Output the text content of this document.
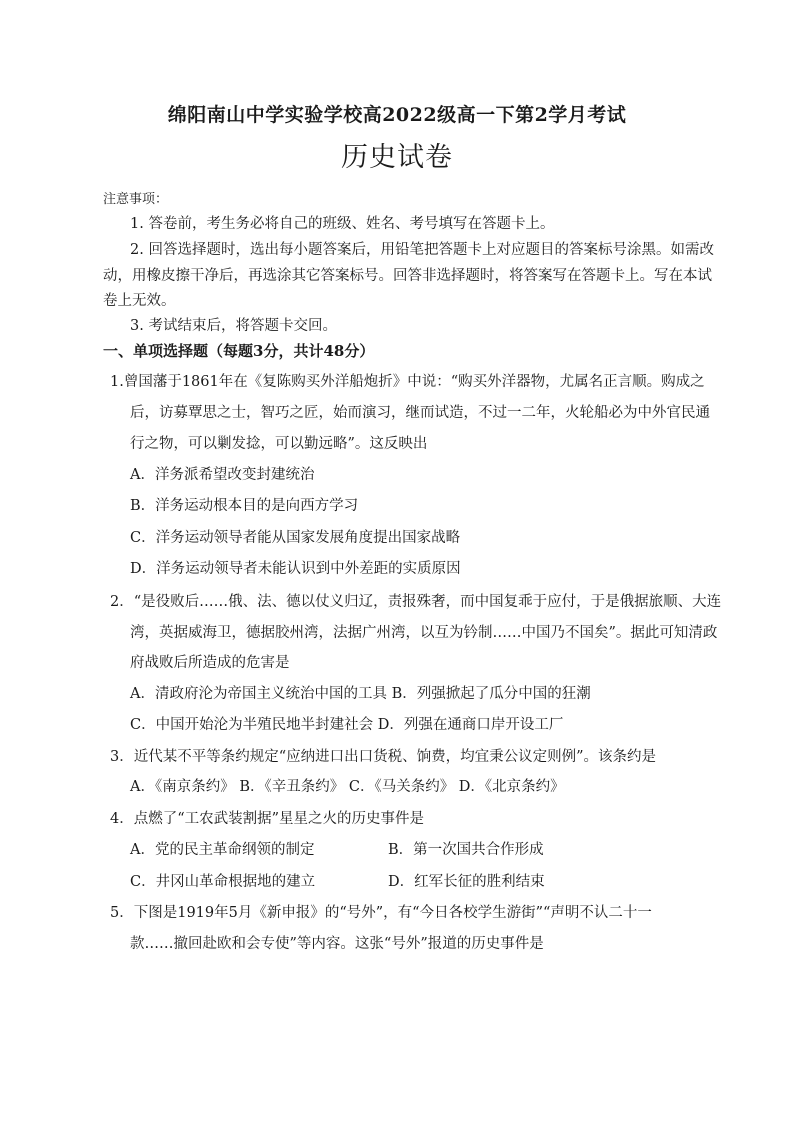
绵阳南山中学实验学校高2022级高一下第2学月考试
历史试卷
注意事项：
1. 答卷前，考生务必将自己的班级、姓名、考号填写在答题卡上。
2. 回答选择题时，选出每小题答案后，用铅笔把答题卡上对应题目的答案标号涂黑。如需改
动，用橡皮擦干净后，再选涂其它答案标号。回答非选择题时，将答案写在答题卡上。写在本试
卷上无效。
3. 考试结束后，将答题卡交回。
一、单项选择题（每题3分，共计48分）
1.曾国藩于1861年在《复陈购买外洋船炮折》中说：“购买外洋器物，尤属名正言顺。购成之
后，访募覃思之士，智巧之匠，始而演习，继而试造，不过一二年，火轮船必为中外官民通
行之物，可以剿发捻，可以勤远略”。这反映出
A．洋务派希望改变封建统治
B．洋务运动根本目的是向西方学习
C．洋务运动领导者能从国家发展角度提出国家战略
D．洋务运动领导者未能认识到中外差距的实质原因
2．“是役败后……俄、法、德以仗义归辽，责报殊奢，而中国复乖于应付，于是俄据旅顺、大连
湾，英据威海卫，德据胶州湾，法据广州湾，以互为钤制……中国乃不国矣”。据此可知清政
府战败后所造成的危害是
A．清政府沦为帝国主义统治中国的工具 B．列强掀起了瓜分中国的狂潮
C．中国开始沦为半殖民地半封建社会 D．列强在通商口岸开设工厂
3．近代某不平等条约规定“应纳进口出口货税、饷费，均宜秉公议定则例”。该条约是
A．《南京条约》 B．《辛丑条约》 C．《马关条约》 D．《北京条约》
4．点燃了“工农武装割据”星星之火的历史事件是
A．党的民主革命纲领的制定	B．第一次国共合作形成
C．井冈山革命根据地的建立	D．红军长征的胜利结束
5．下图是1919年5月《新申报》的“号外”，有“今日各校学生游街”“声明不认二十一
款……撤回赴欧和会专使”等内容。这张“号外”报道的历史事件是
